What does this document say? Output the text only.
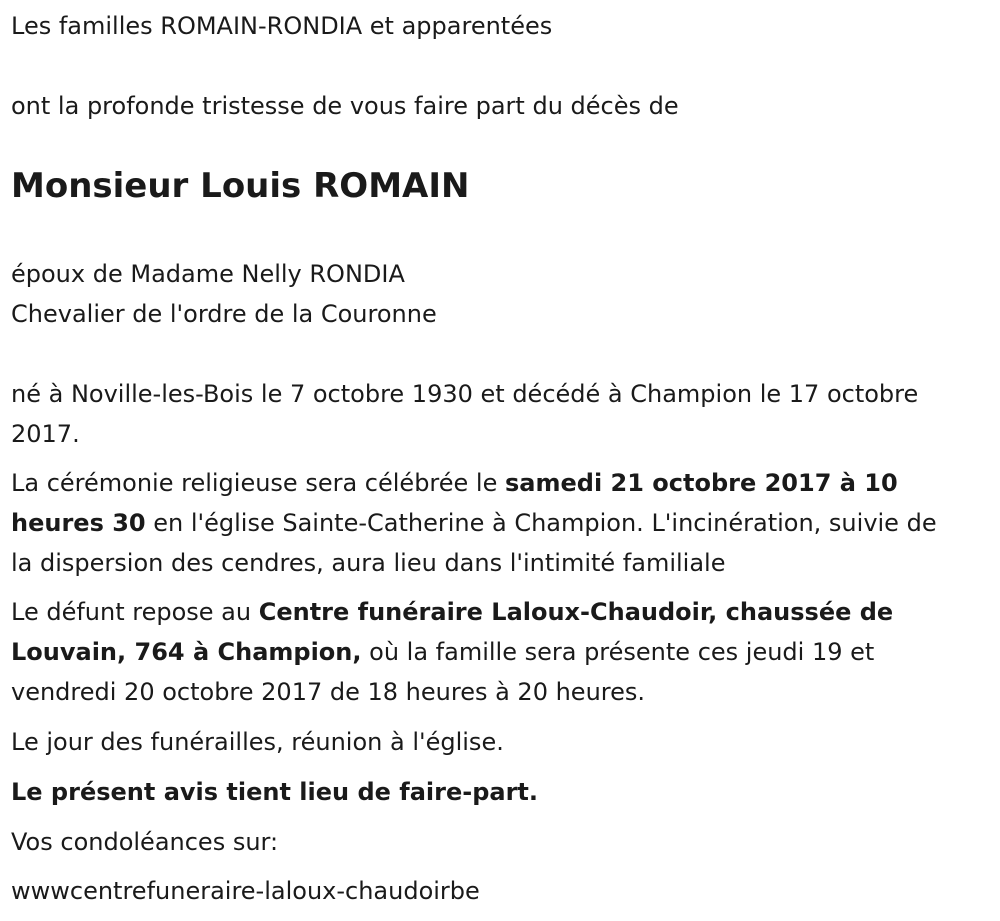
Les familles ROMAIN-RONDIA et apparentées
ont la profonde tristesse de vous faire part du décès de
Monsieur Louis ROMAIN
époux de Madame Nelly RONDIA
Chevalier de l'ordre de la Couronne
né à Noville-les-Bois le 7 octobre 1930 et décédé à Champion le 17 octobre 2017.
La cérémonie religieuse sera célébrée le samedi 21 octobre 2017 à 10 heures 30 en l'église Sainte-Catherine à Champion. L'incinération, suivie de la dispersion des cendres, aura lieu dans l'intimité familiale
Le défunt repose au Centre funéraire Laloux-Chaudoir, chaussée de Louvain, 764 à Champion, où la famille sera présente ces jeudi 19 et vendredi 20 octobre 2017 de 18 heures à 20 heures.
Le jour des funérailles, réunion à l'église.
Le présent avis tient lieu de faire-part.
Vos condoléances sur:
wwwcentrefuneraire-laloux-chaudoirbe
